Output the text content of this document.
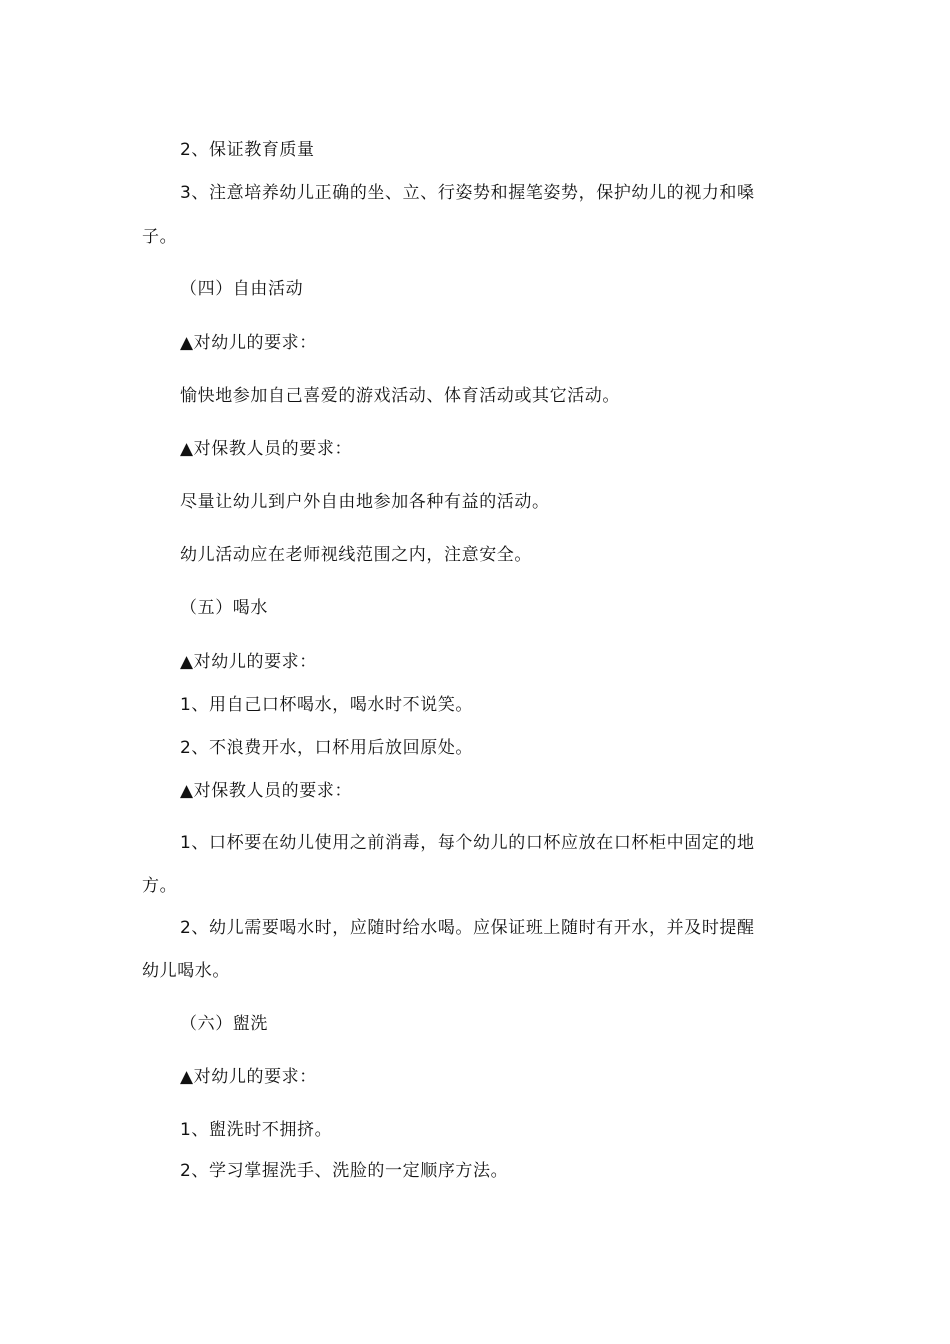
2、保证教育质量
3、注意培养幼儿正确的坐、立、行姿势和握笔姿势，保护幼儿的视力和嗓
子。
（四）自由活动
▲对幼儿的要求：
愉快地参加自己喜爱的游戏活动、体育活动或其它活动。
▲对保教人员的要求：
尽量让幼儿到户外自由地参加各种有益的活动。
幼儿活动应在老师视线范围之内，注意安全。
（五）喝水
▲对幼儿的要求：
1、用自己口杯喝水，喝水时不说笑。
2、不浪费开水，口杯用后放回原处。
▲对保教人员的要求：
1、口杯要在幼儿使用之前消毒，每个幼儿的口杯应放在口杯柜中固定的地
方。
2、幼儿需要喝水时，应随时给水喝。应保证班上随时有开水，并及时提醒
幼儿喝水。
（六）盥洗
▲对幼儿的要求：
1、盥洗时不拥挤。
2、学习掌握洗手、洗脸的一定顺序方法。
